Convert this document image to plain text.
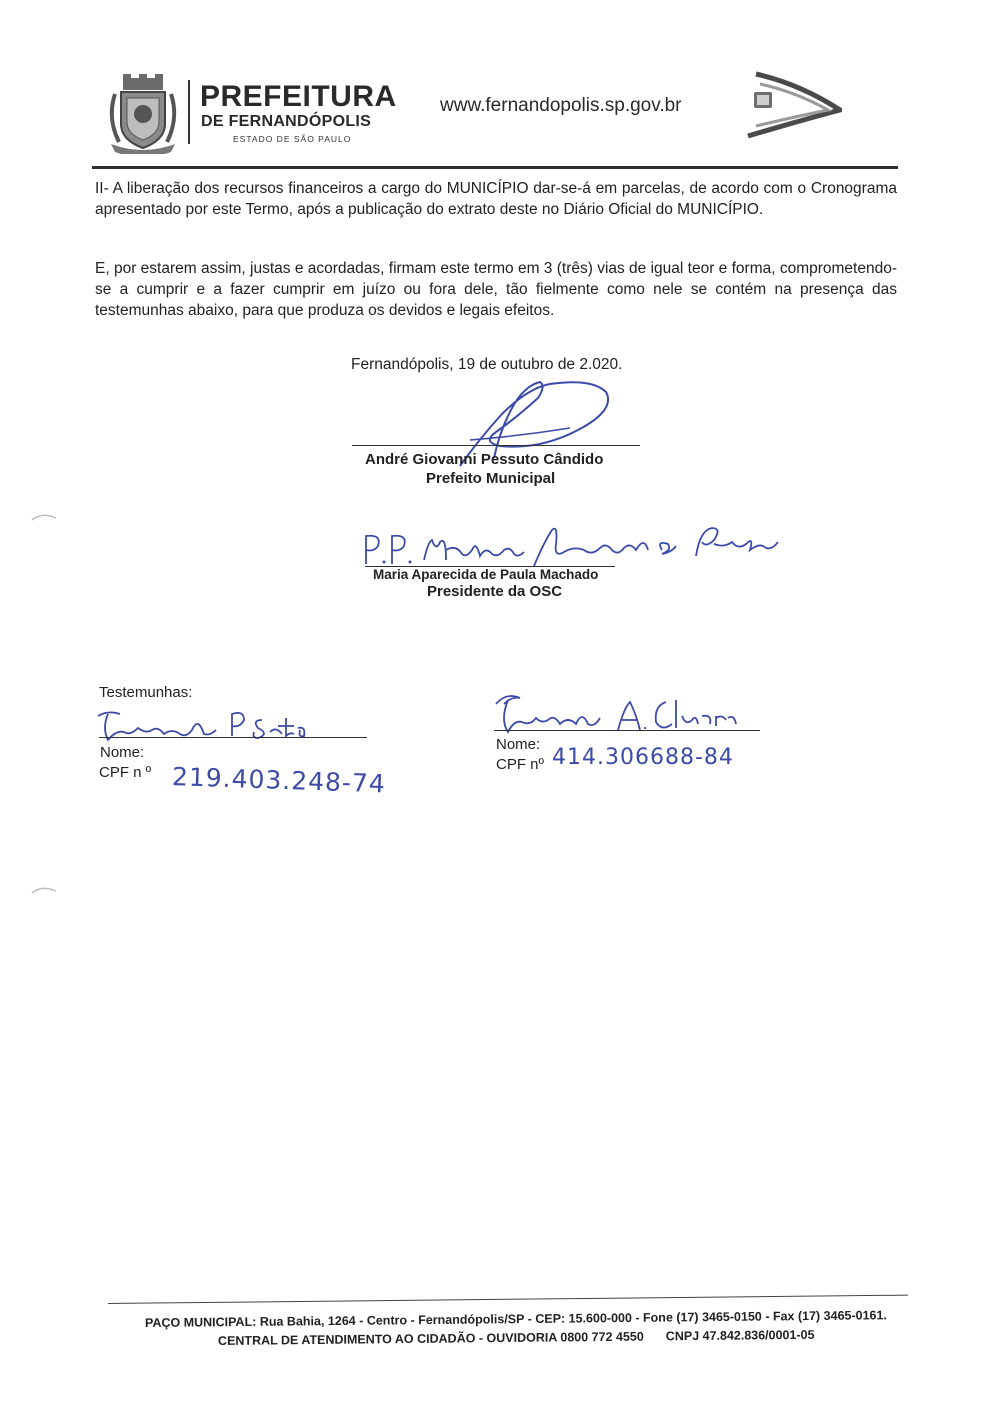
PREFEITURA
DE FERNANDÓPOLIS
ESTADO DE SÃO PAULO
www.fernandopolis.sp.gov.br

II- A liberação dos recursos financeiros a cargo do MUNICÍPIO dar-se-á em parcelas, de acordo com o Cronograma apresentado por este Termo, após a publicação do extrato deste no Diário Oficial do MUNICÍPIO.

E, por estarem assim, justas e acordadas, firmam este termo em 3 (três) vias de igual teor e forma, comprometendo-se a cumprir e a fazer cumprir em juízo ou fora dele, tão fielmente como nele se contém na presença das testemunhas abaixo, para que produza os devidos e legais efeitos.

Fernandópolis, 19 de outubro de 2.020.
André Giovanni Pessuto Cândido
Prefeito Municipal
Maria Aparecida de Paula Machado
Presidente da OSC
Testemunhas:
Nome:
CPF n º 219.403.248-74
Nome:
CPF nº 414.306688-84
PAÇO MUNICIPAL: Rua Bahia, 1264 - Centro - Fernandópolis/SP - CEP: 15.600-000 - Fone (17) 3465-0150 - Fax (17) 3465-0161.
CENTRAL DE ATENDIMENTO AO CIDADÃO - OUVIDORIA 0800 772 4550 CNPJ 47.842.836/0001-05
